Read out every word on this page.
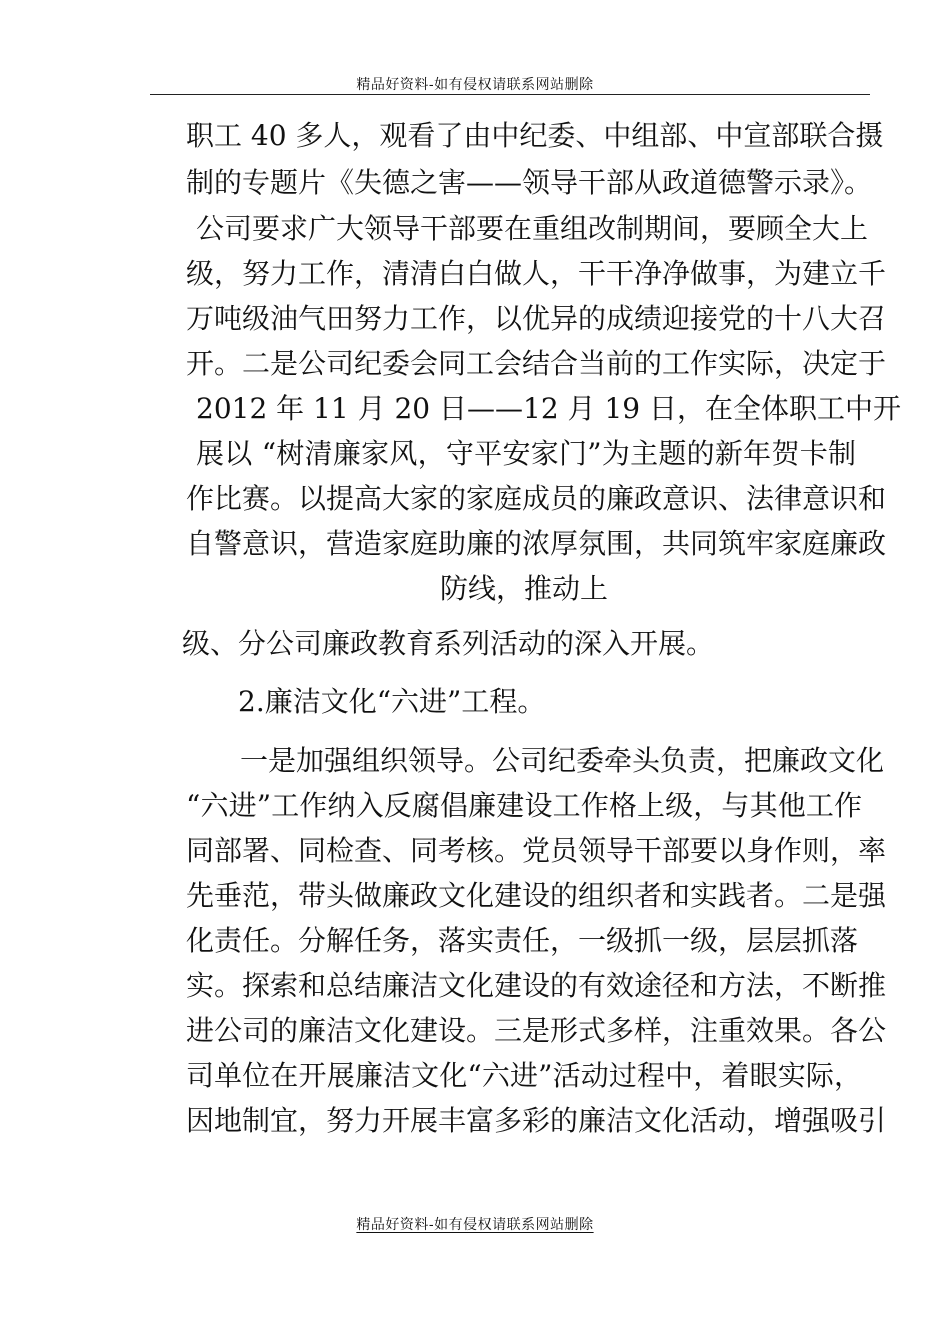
精品好资料-如有侵权请联系网站删除
职工 40 多人，观看了由中纪委、中组部、中宣部联合摄
制的专题片《失德之害——领导干部从政道德警示录》。
公司要求广大领导干部要在重组改制期间，要顾全大上
级，努力工作，清清白白做人，干干净净做事，为建立千
万吨级油气田努力工作，以优异的成绩迎接党的十八大召
开。二是公司纪委会同工会结合当前的工作实际，决定于
2012 年 11 月 20 日——12 月 19 日，在全体职工中开
展以 “树清廉家风，守平安家门”为主题的新年贺卡制
作比赛。以提高大家的家庭成员的廉政意识、法律意识和
自警意识，营造家庭助廉的浓厚氛围，共同筑牢家庭廉政
防线，推动上
级、分公司廉政教育系列活动的深入开展。
2.廉洁文化“六进”工程。
一是加强组织领导。公司纪委牵头负责，把廉政文化
“六进”工作纳入反腐倡廉建设工作格上级，与其他工作
同部署、同检查、同考核。党员领导干部要以身作则，率
先垂范，带头做廉政文化建设的组织者和实践者。二是强
化责任。分解任务，落实责任，一级抓一级，层层抓落
实。探索和总结廉洁文化建设的有效途径和方法，不断推
进公司的廉洁文化建设。三是形式多样，注重效果。各公
司单位在开展廉洁文化“六进”活动过程中，着眼实际，
因地制宜，努力开展丰富多彩的廉洁文化活动，增强吸引
精品好资料-如有侵权请联系网站删除
